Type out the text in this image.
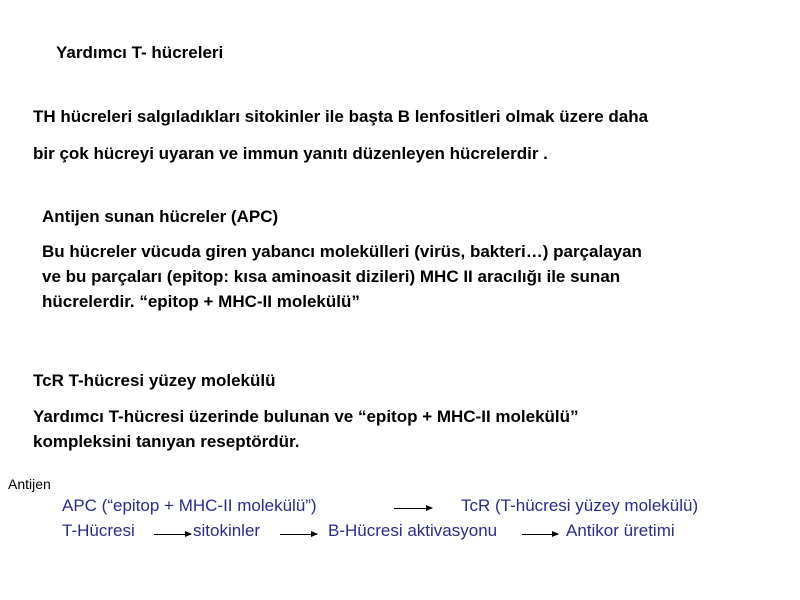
Yardımcı T- hücreleri
TH hücreleri salgıladıkları sitokinler ile başta B lenfositleri olmak üzere daha
bir çok hücreyi uyaran ve immun yanıtı düzenleyen hücrelerdir .
Antijen sunan hücreler (APC)
Bu hücreler vücuda giren yabancı molekülleri (virüs, bakteri…) parçalayan
ve bu parçaları (epitop: kısa aminoasit dizileri) MHC II aracılığı ile sunan
hücrelerdir. “epitop + MHC-II molekülü”
TcR T-hücresi yüzey molekülü
Yardımcı T-hücresi üzerinde bulunan ve “epitop + MHC-II molekülü”
kompleksini tanıyan reseptördür.
Antijen
APC (“epitop + MHC-II molekülü”)	TcR (T-hücresi yüzey molekülü)
T-Hücresi	sitokinler	B-Hücresi aktivasyonu	Antikor üretimi
